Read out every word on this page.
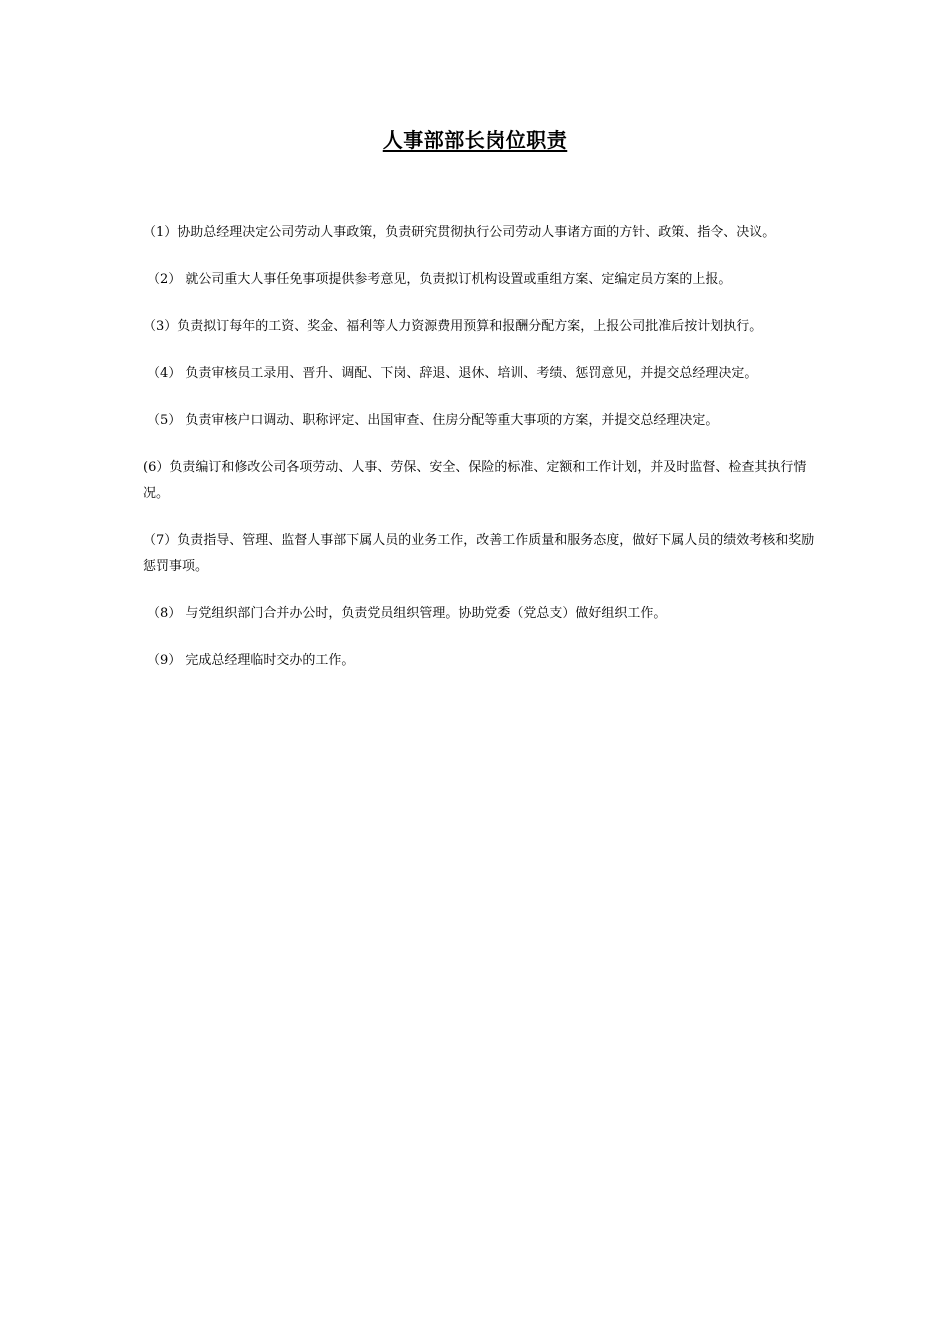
人事部部长岗位职责

（1）协助总经理决定公司劳动人事政策，负责研究贯彻执行公司劳动人事诸方面的方针、政策、指令、决议。

（2） 就公司重大人事任免事项提供参考意见，负责拟订机构设置或重组方案、定编定员方案的上报。

（3）负责拟订每年的工资、奖金、福利等人力资源费用预算和报酬分配方案，上报公司批准后按计划执行。

（4） 负责审核员工录用、晋升、调配、下岗、辞退、退休、培训、考绩、惩罚意见，并提交总经理决定。

（5） 负责审核户口调动、职称评定、出国审查、住房分配等重大事项的方案，并提交总经理决定。

(6）负责编订和修改公司各项劳动、人事、劳保、安全、保险的标准、定额和工作计划，并及时监督、检查其执行情况。

（7）负责指导、管理、监督人事部下属人员的业务工作，改善工作质量和服务态度，做好下属人员的绩效考核和奖励惩罚事项。

（8） 与党组织部门合并办公时，负责党员组织管理。协助党委（党总支）做好组织工作。

（9） 完成总经理临时交办的工作。
